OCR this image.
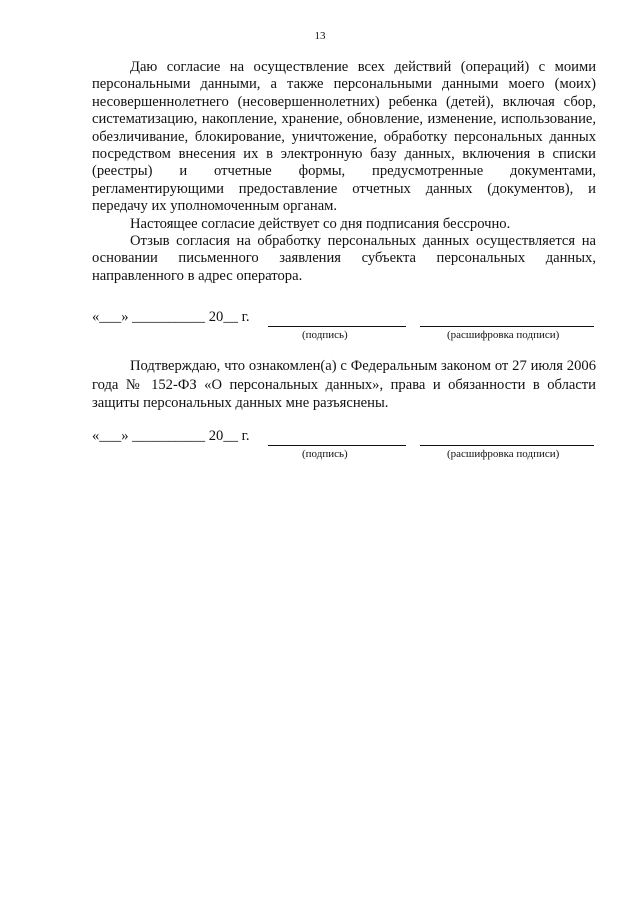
13

Даю согласие на осуществление всех действий (операций) с моими персональными данными, а также персональными данными моего (моих) несовершеннолетнего (несовершеннолетних) ребенка (детей), включая сбор, систематизацию, накопление, хранение, обновление, изменение, использование, обезличивание, блокирование, уничтожение, обработку персональных данных посредством внесения их в электронную базу данных, включения в списки (реестры) и отчетные формы, предусмотренные документами, регламентирующими предоставление отчетных данных (документов), и передачу их уполномоченным органам.

Настоящее согласие действует со дня подписания бессрочно.

Отзыв согласия на обработку персональных данных осуществляется на основании письменного заявления субъекта персональных данных, направленного в адрес оператора.

«___» __________ 20__ г.
(подпись)	(расшифровка подписи)

Подтверждаю, что ознакомлен(а) с Федеральным законом от 27 июля 2006 года № 152-ФЗ «О персональных данных», права и обязанности в области защиты персональных данных мне разъяснены.

«___» __________ 20__ г.
(подпись)	(расшифровка подписи)
